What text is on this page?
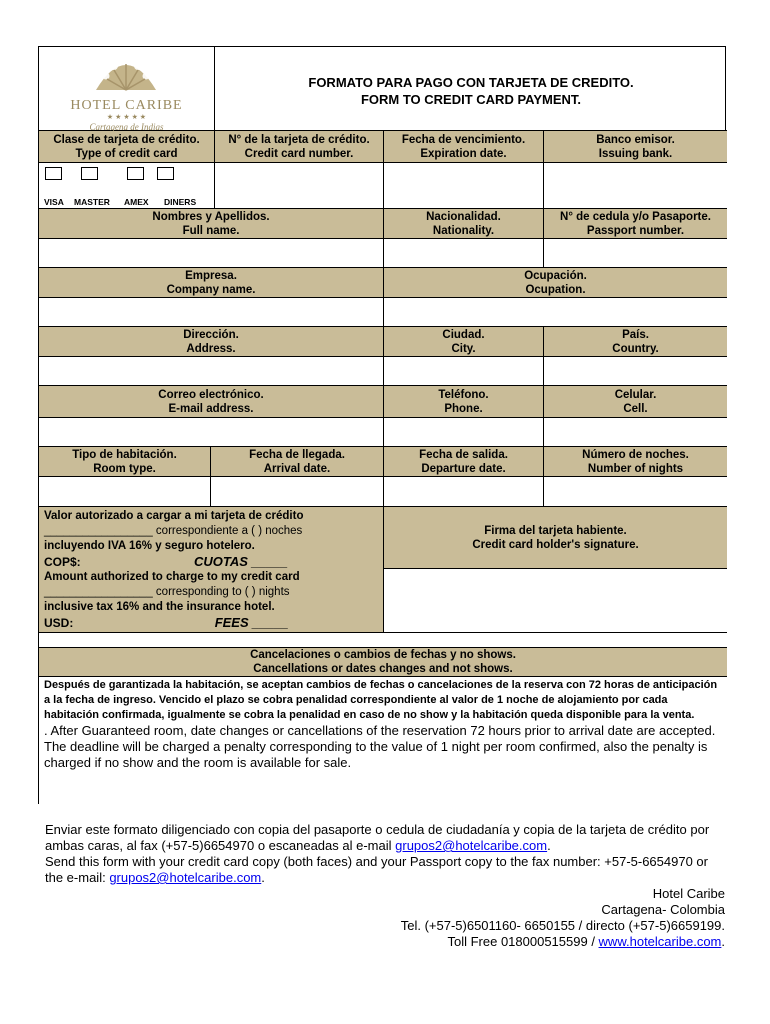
HOTEL CARIBE
★ ★ ★ ★ ★
Cartagena de Indias
FORMATO PARA PAGO CON TARJETA DE CREDITO.
FORM TO CREDIT CARD PAYMENT.
Clase de tarjeta de crédito.
Type of credit card
N° de la tarjeta de crédito.
Credit card number.
Fecha de vencimiento.
Expiration date.
Banco emisor.
Issuing bank.
VISA MASTER AMEX DINERS
Nombres y Apellidos.
Full name.
Nacionalidad.
Nationality.
N° de cedula y/o Pasaporte.
Passport number.
Empresa.
Company name.
Ocupación.
Ocupation.
Dirección.
Address.
Ciudad.
City.
País.
Country.
Correo electrónico.
E-mail address.
Teléfono.
Phone.
Celular.
Cell.
Tipo de habitación.
Room type.
Fecha de llegada.
Arrival date.
Fecha de salida.
Departure date.
Número de noches.
Number of nights
Valor autorizado a cargar a mi tarjeta de crédito
_________________ correspondiente a ( ) noches
incluyendo IVA 16% y seguro hotelero.
COP$:	CUOTAS _____
Amount authorized to charge to my credit card
_________________ corresponding to ( ) nights
inclusive tax 16% and the insurance hotel.
USD:	FEES _____
Firma del tarjeta habiente.
Credit card holder's signature.
Cancelaciones o cambios de fechas y no shows.
Cancellations or dates changes and not shows.
Después de garantizada la habitación, se aceptan cambios de fechas o cancelaciones de la reserva con 72 horas de anticipación a la fecha de ingreso. Vencido el plazo se cobra penalidad correspondiente al valor de 1 noche de alojamiento por cada habitación confirmada, igualmente se cobra la penalidad en caso de no show y la habitación queda disponible para la venta.
. After Guaranteed room, date changes or cancellations of the reservation 72 hours prior to arrival date are accepted. The deadline will be charged a penalty corresponding to the value of 1 night per room confirmed, also the penalty is charged if no show and the room is available for sale.
Enviar este formato diligenciado con copia del pasaporte o cedula de ciudadanía y copia de la tarjeta de crédito por ambas caras, al fax (+57-5)6654970 o escaneadas al e-mail grupos2@hotelcaribe.com.
Send this form with your credit card copy (both faces) and your Passport copy to the fax number: +57-5-6654970 or the e-mail: grupos2@hotelcaribe.com.
Hotel Caribe
Cartagena- Colombia
Tel. (+57-5)6501160- 6650155 / directo (+57-5)6659199.
Toll Free 018000515599 / www.hotelcaribe.com.
